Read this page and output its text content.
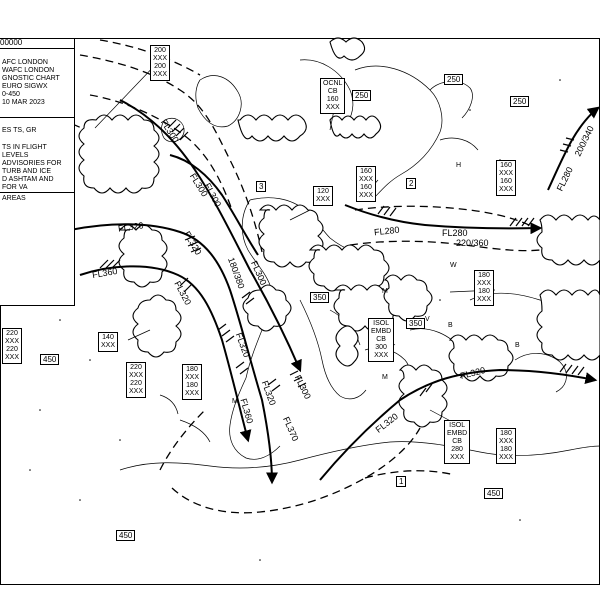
00000
AFC LONDON
WAFC LONDON
GNOSTIC CHART
EURO SIGWX
0-450
10 MAR 2023
ES TS, GR
TS IN FLIGHT LEVELS
ADVISORIES FOR
TURB AND ICE
D ASHTAM AND
FOR VA
AREAS
220
XXX
220
XXX
140
XXX
220
XXX
220
XXX
180
XXX
180
XXX
200
XXX
200
XXX
120
XXX
160
XXX
160
XXX
160
XXX
160
XXX
180
XXX
180
XXX
180
XXX
180
XXX
OCNL
CB
160
XXX
ISOL
EMBD
CB
300
XXX
ISOL
EMBD
CB
280
XXX
250
250
250
350
350
450
450
450
1
2
3
FL300
FL300
FL320
FL360
FL320
FL320
FL300
FL300
180/380
FL320
FL370
FL360
FL300
FL320
FL320
FL280
220/360
FL280
200/340
FL280
FL320
H
M
B
W
M
B
V
M
